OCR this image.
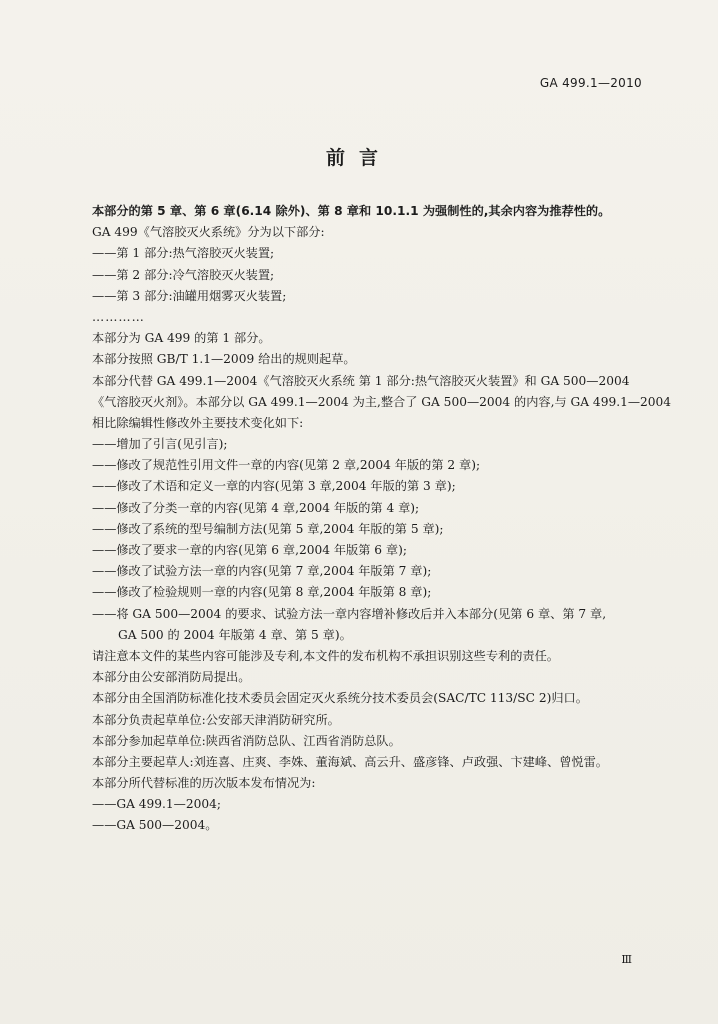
GA 499.1—2010
前言
本部分的第 5 章、第 6 章(6.14 除外)、第 8 章和 10.1.1 为强制性的,其余内容为推荐性的。
GA 499《气溶胶灭火系统》分为以下部分:
——第 1 部分:热气溶胶灭火装置;
——第 2 部分:冷气溶胶灭火装置;
——第 3 部分:油罐用烟雾灭火装置;
…………
本部分为 GA 499 的第 1 部分。
本部分按照 GB/T 1.1—2009 给出的规则起草。
本部分代替 GA 499.1—2004《气溶胶灭火系统 第 1 部分:热气溶胶灭火装置》和 GA 500—2004
《气溶胶灭火剂》。本部分以 GA 499.1—2004 为主,整合了 GA 500—2004 的内容,与 GA 499.1—2004
相比除编辑性修改外主要技术变化如下:
——增加了引言(见引言);
——修改了规范性引用文件一章的内容(见第 2 章,2004 年版的第 2 章);
——修改了术语和定义一章的内容(见第 3 章,2004 年版的第 3 章);
——修改了分类一章的内容(见第 4 章,2004 年版的第 4 章);
——修改了系统的型号编制方法(见第 5 章,2004 年版的第 5 章);
——修改了要求一章的内容(见第 6 章,2004 年版第 6 章);
——修改了试验方法一章的内容(见第 7 章,2004 年版第 7 章);
——修改了检验规则一章的内容(见第 8 章,2004 年版第 8 章);
——将 GA 500—2004 的要求、试验方法一章内容增补修改后并入本部分(见第 6 章、第 7 章,
GA 500 的 2004 年版第 4 章、第 5 章)。
请注意本文件的某些内容可能涉及专利,本文件的发布机构不承担识别这些专利的责任。
本部分由公安部消防局提出。
本部分由全国消防标准化技术委员会固定灭火系统分技术委员会(SAC/TC 113/SC 2)归口。
本部分负责起草单位:公安部天津消防研究所。
本部分参加起草单位:陕西省消防总队、江西省消防总队。
本部分主要起草人:刘连喜、庄爽、李姝、董海斌、高云升、盛彦锋、卢政强、卞建峰、曾悦雷。
本部分所代替标准的历次版本发布情况为:
——GA 499.1—2004;
——GA 500—2004。
Ⅲ
